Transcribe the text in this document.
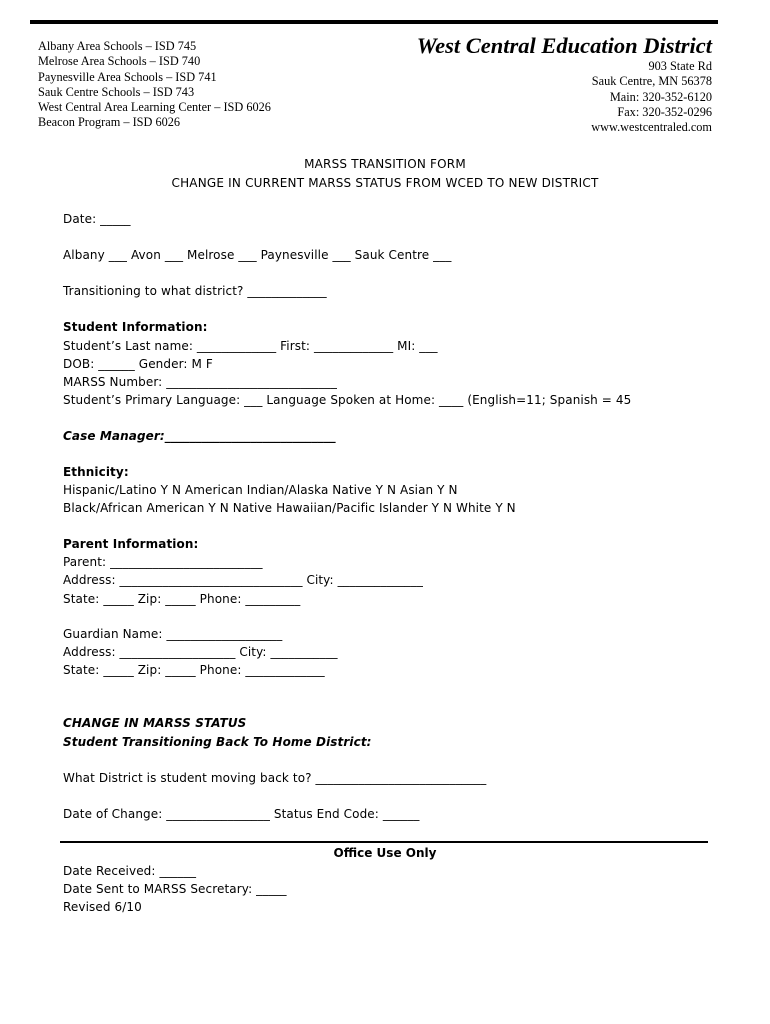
Albany Area Schools – ISD 745
Melrose Area Schools – ISD 740
Paynesville Area Schools – ISD 741
Sauk Centre Schools – ISD 743
West Central Area Learning Center – ISD 6026
Beacon Program – ISD 6026
West Central Education District
903 State Rd
Sauk Centre, MN 56378
Main: 320-352-6120
Fax: 320-352-0296
www.westcentraled.com
MARSS TRANSITION FORM
CHANGE IN CURRENT MARSS STATUS FROM WCED TO NEW DISTRICT
Date: _____
Albany ___ Avon ___ Melrose ___ Paynesville ___ Sauk Centre ___
Transitioning to what district? _____________
Student Information:
Student’s Last name: _____________ First: _____________ MI: ___
DOB: ______ Gender: M F
MARSS Number: ____________________________
Student’s Primary Language: ___ Language Spoken at Home: ____ (English=11; Spanish = 45
Case Manager:____________________________
Ethnicity:
Hispanic/Latino Y N American Indian/Alaska Native Y N Asian Y N
Black/African American Y N Native Hawaiian/Pacific Islander Y N White Y N
Parent Information:
Parent: _________________________
Address: ______________________________ City: ______________
State: _____ Zip: _____ Phone: _________
Guardian Name: ___________________
Address: ___________________ City: ___________
State: _____ Zip: _____ Phone: _____________
CHANGE IN MARSS STATUS
Student Transitioning Back To Home District:
What District is student moving back to? ____________________________
Date of Change: _________________ Status End Code: ______
Office Use Only
Date Received: ______
Date Sent to MARSS Secretary: _____
Revised 6/10
